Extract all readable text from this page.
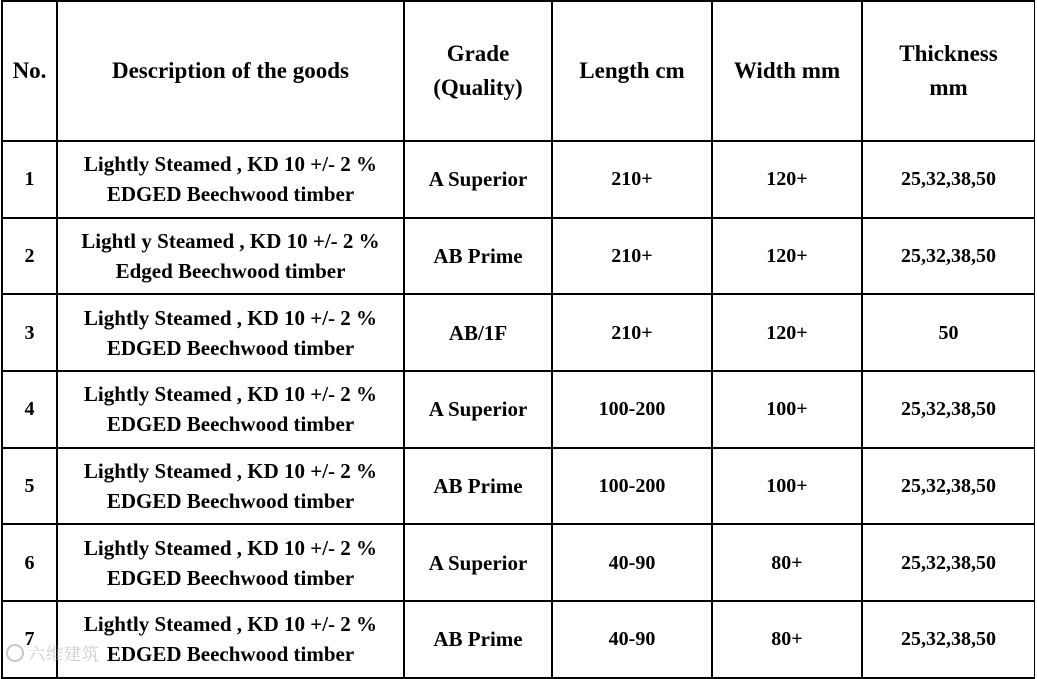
No.	Description of the goods	Grade
(Quality)	Length cm	Width mm	Thickness
mm

1	Lightly Steamed , KD 10 +/- 2 %
EDGED Beechwood timber	A Superior	210+	120+	25,32,38,50
2	Lightl y Steamed , KD 10 +/- 2 %
Edged Beechwood timber	AB Prime	210+	120+	25,32,38,50
3	Lightly Steamed , KD 10 +/- 2 %
EDGED Beechwood timber	AB/1F	210+	120+	50
4	Lightly Steamed , KD 10 +/- 2 %
EDGED Beechwood timber	A Superior	100-200	100+	25,32,38,50
5	Lightly Steamed , KD 10 +/- 2 %
EDGED Beechwood timber	AB Prime	100-200	100+	25,32,38,50
6	Lightly Steamed , KD 10 +/- 2 %
EDGED Beechwood timber	A Superior	40-90	80+	25,32,38,50
7	Lightly Steamed , KD 10 +/- 2 %
EDGED Beechwood timber	AB Prime	40-90	80+	25,32,38,50
六维建筑
